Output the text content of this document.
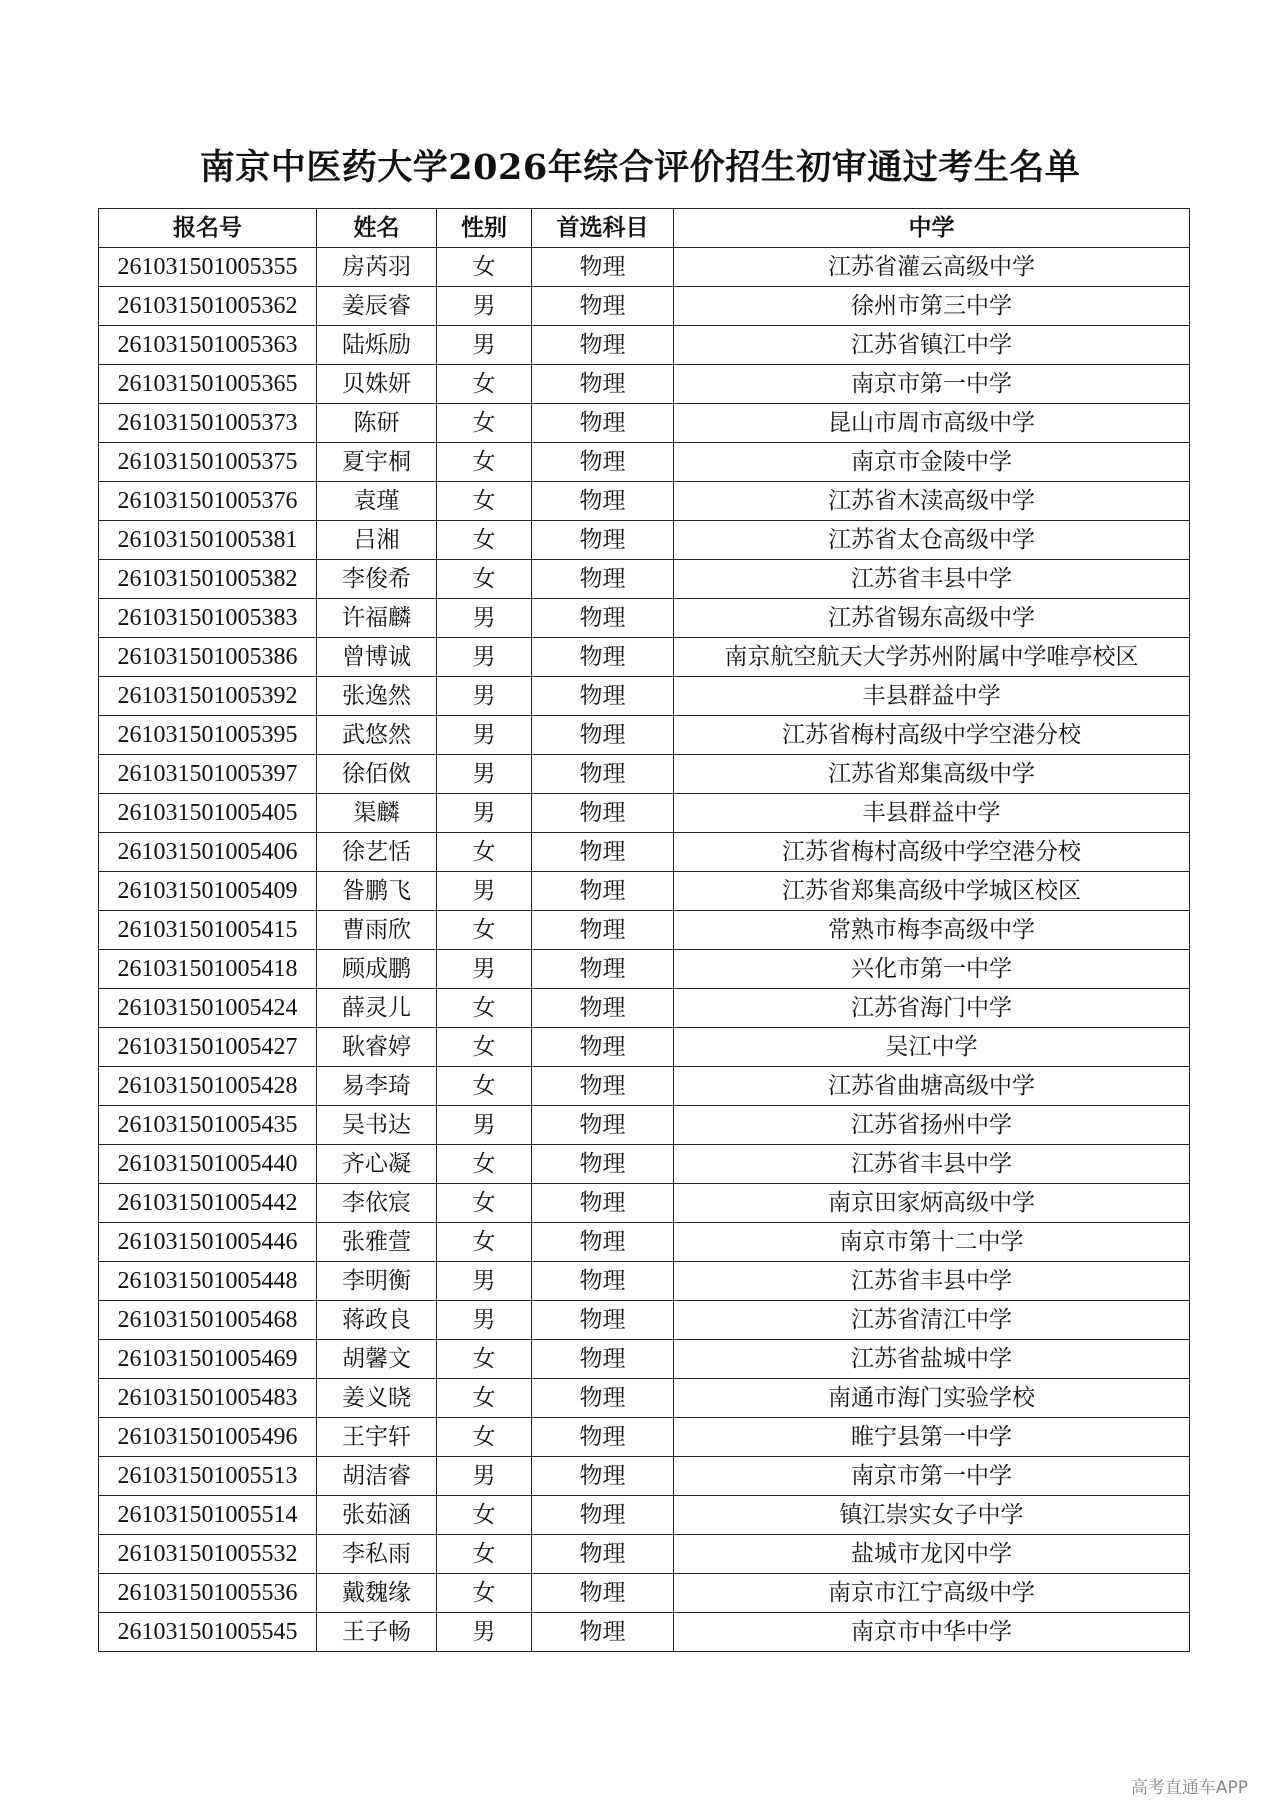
南京中医药大学2026年综合评价招生初审通过考生名单
报名号	姓名	性别	首选科目	中学
261031501005355	房芮羽	女	物理	江苏省灌云高级中学
261031501005362	姜辰睿	男	物理	徐州市第三中学
261031501005363	陆烁励	男	物理	江苏省镇江中学
261031501005365	贝姝妍	女	物理	南京市第一中学
261031501005373	陈研	女	物理	昆山市周市高级中学
261031501005375	夏宇桐	女	物理	南京市金陵中学
261031501005376	袁瑾	女	物理	江苏省木渎高级中学
261031501005381	吕湘	女	物理	江苏省太仓高级中学
261031501005382	李俊希	女	物理	江苏省丰县中学
261031501005383	许福麟	男	物理	江苏省锡东高级中学
261031501005386	曾博诚	男	物理	南京航空航天大学苏州附属中学唯亭校区
261031501005392	张逸然	男	物理	丰县群益中学
261031501005395	武悠然	男	物理	江苏省梅村高级中学空港分校
261031501005397	徐佰傚	男	物理	江苏省郑集高级中学
261031501005405	渠麟	男	物理	丰县群益中学
261031501005406	徐艺恬	女	物理	江苏省梅村高级中学空港分校
261031501005409	昝鹏飞	男	物理	江苏省郑集高级中学城区校区
261031501005415	曹雨欣	女	物理	常熟市梅李高级中学
261031501005418	顾成鹏	男	物理	兴化市第一中学
261031501005424	薛灵儿	女	物理	江苏省海门中学
261031501005427	耿睿婷	女	物理	吴江中学
261031501005428	易李琦	女	物理	江苏省曲塘高级中学
261031501005435	吴书达	男	物理	江苏省扬州中学
261031501005440	齐心凝	女	物理	江苏省丰县中学
261031501005442	李依宸	女	物理	南京田家炳高级中学
261031501005446	张雅萱	女	物理	南京市第十二中学
261031501005448	李明衡	男	物理	江苏省丰县中学
261031501005468	蒋政良	男	物理	江苏省清江中学
261031501005469	胡馨文	女	物理	江苏省盐城中学
261031501005483	姜义晓	女	物理	南通市海门实验学校
261031501005496	王宇轩	女	物理	睢宁县第一中学
261031501005513	胡洁睿	男	物理	南京市第一中学
261031501005514	张茹涵	女	物理	镇江崇实女子中学
261031501005532	李私雨	女	物理	盐城市龙冈中学
261031501005536	戴魏缘	女	物理	南京市江宁高级中学
261031501005545	王子畅	男	物理	南京市中华中学
高考直通车APP
